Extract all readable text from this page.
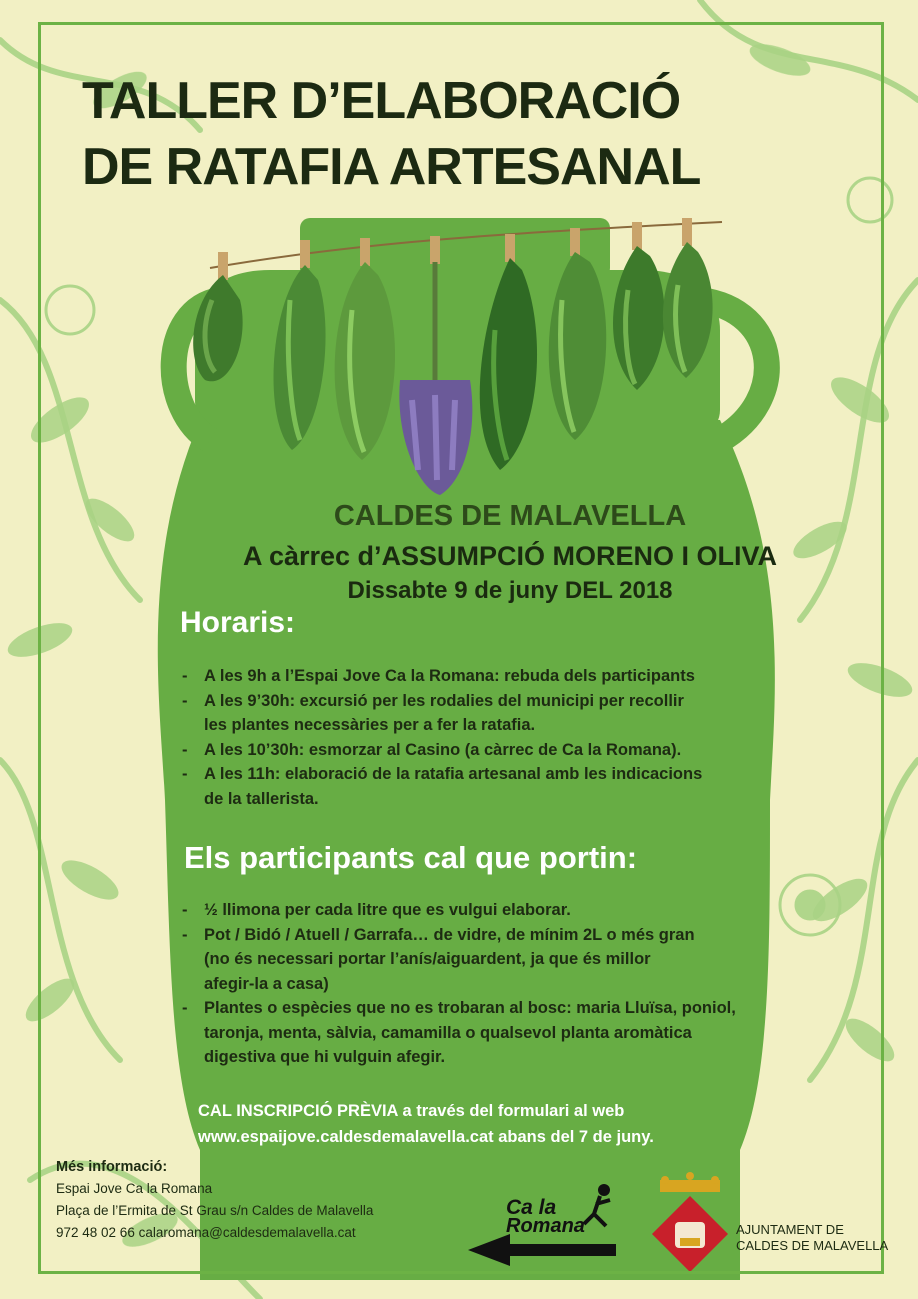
TALLER D’ELABORACIÓ
DE RATAFIA ARTESANAL
CALDES DE MALAVELLA
A càrrec d’ASSUMPCIÓ MORENO I OLIVA
Dissabte 9 de juny DEL 2018
Horaris:
- A les 9h a l’Espai Jove Ca la Romana: rebuda dels participants
- A les 9’30h: excursió per les rodalies del municipi per recollir
les plantes necessàries per a fer la ratafia.
- A les 10’30h: esmorzar al Casino (a càrrec de Ca la Romana).
- A les 11h: elaboració de la ratafia artesanal amb les indicacions
de la tallerista.
Els participants cal que portin:
- ½ llimona per cada litre que es vulgui elaborar.
- Pot / Bidó / Atuell / Garrafa… de vidre, de mínim 2L o més gran
(no és necessari portar l’anís/aiguardent, ja que és millor
afegir-la a casa)
- Plantes o espècies que no es trobaran al bosc: maria Lluïsa, poniol,
taronja, menta, sàlvia, camamilla o qualsevol planta aromàtica
digestiva que hi vulguin afegir.
CAL INSCRIPCIÓ PRÈVIA a través del formulari al web
www.espaijove.caldesdemalavella.cat abans del 7 de juny.
Més informació:
Espai Jove Ca la Romana
Plaça de l’Ermita de St Grau s/n Caldes de Malavella
972 48 02 66 calaromana@caldesdemalavella.cat
Ca la
Romana	AJUNTAMENT DE
CALDES DE MALAVELLA
